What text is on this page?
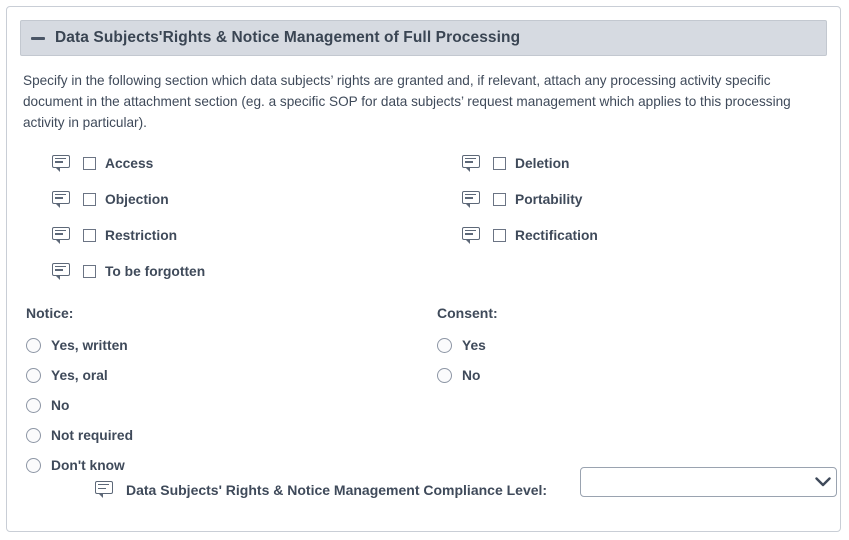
Data Subjects'Rights & Notice Management of Full Processing
Specify in the following section which data subjects’ rights are granted and, if relevant, attach any processing activity specific document in the attachment section (eg. a specific SOP for data subjects’ request management which applies to this processing activity in particular).
Access
Objection
Restriction
To be forgotten
Deletion
Portability
Rectification
Notice:
Yes, written
Yes, oral
No
Not required
Don't know
Consent:
Yes
No
Data Subjects' Rights & Notice Management Compliance Level:
